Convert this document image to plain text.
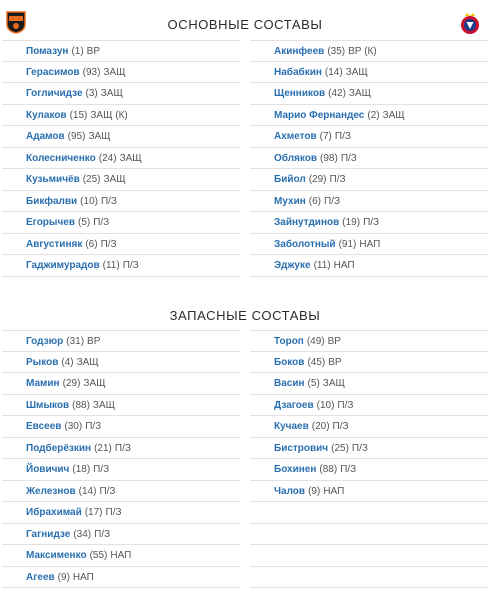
ОСНОВНЫЕ СОСТАВЫ
Помазун (1) ВР
Герасимов (93) ЗАЩ
Гогличидзе (3) ЗАЩ
Кулаков (15) ЗАЩ (К)
Адамов (95) ЗАЩ
Колесниченко (24) ЗАЩ
Кузьмичёв (25) ЗАЩ
Бикфалви (10) П/З
Егорычев (5) П/З
Августиняк (6) П/З
Гаджимурадов (11) П/З
Акинфеев (35) ВР (К)
Набабкин (14) ЗАЩ
Щенников (42) ЗАЩ
Марио Фернандес (2) ЗАЩ
Ахметов (7) П/З
Обляков (98) П/З
Бийол (29) П/З
Мухин (6) П/З
Зайнутдинов (19) П/З
Заболотный (91) НАП
Эджуке (11) НАП
ЗАПАСНЫЕ СОСТАВЫ
Годзюр (31) ВР
Рыков (4) ЗАЩ
Мамин (29) ЗАЩ
Шмыков (88) ЗАЩ
Евсеев (30) П/З
Подберёзкин (21) П/З
Йовичич (18) П/З
Железнов (14) П/З
Ибрахимай (17) П/З
Гагнидзе (34) П/З
Максименко (55) НАП
Агеев (9) НАП
Тороп (49) ВР
Боков (45) ВР
Васин (5) ЗАЩ
Дзагоев (10) П/З
Кучаев (20) П/З
Бистрович (25) П/З
Бохинен (88) П/З
Чалов (9) НАП
